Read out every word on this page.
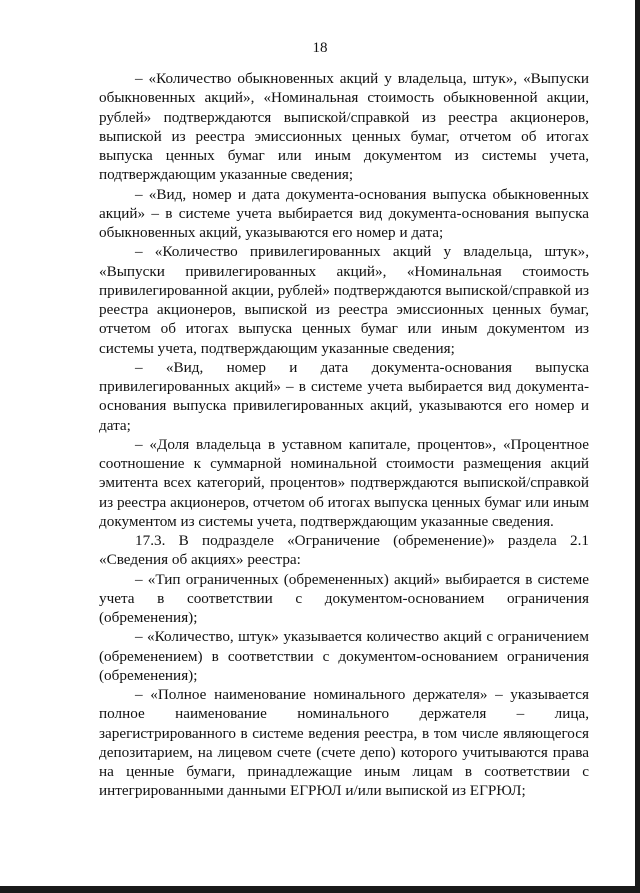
18

– «Количество обыкновенных акций у владельца, штук», «Выпуски обыкновенных акций», «Номинальная стоимость обыкновенной акции, рублей» подтверждаются выпиской/справкой из реестра акционеров, выпиской из реестра эмиссионных ценных бумаг, отчетом об итогах выпуска ценных бумаг или иным документом из системы учета, подтверждающим указанные сведения;

– «Вид, номер и дата документа-основания выпуска обыкновенных акций» – в системе учета выбирается вид документа-основания выпуска обыкновенных акций, указываются его номер и дата;

– «Количество привилегированных акций у владельца, штук», «Выпуски привилегированных акций», «Номинальная стоимость привилегированной акции, рублей» подтверждаются выпиской/справкой из реестра акционеров, выпиской из реестра эмиссионных ценных бумаг, отчетом об итогах выпуска ценных бумаг или иным документом из системы учета, подтверждающим указанные сведения;

– «Вид, номер и дата документа-основания выпуска привилегированных акций» – в системе учета выбирается вид документа-основания выпуска привилегированных акций, указываются его номер и дата;

– «Доля владельца в уставном капитале, процентов», «Процентное соотношение к суммарной номинальной стоимости размещения акций эмитента всех категорий, процентов» подтверждаются выпиской/справкой из реестра акционеров, отчетом об итогах выпуска ценных бумаг или иным документом из системы учета, подтверждающим указанные сведения.

17.3. В подразделе «Ограничение (обременение)» раздела 2.1 «Сведения об акциях» реестра:

– «Тип ограниченных (обремененных) акций» выбирается в системе учета в соответствии с документом-основанием ограничения (обременения);

– «Количество, штук» указывается количество акций с ограничением (обременением) в соответствии с документом-основанием ограничения (обременения);

– «Полное наименование номинального держателя» – указывается полное наименование номинального держателя – лица, зарегистрированного в системе ведения реестра, в том числе являющегося депозитарием, на лицевом счете (счете депо) которого учитываются права на ценные бумаги, принадлежащие иным лицам в соответствии с интегрированными данными ЕГРЮЛ и/или выпиской из ЕГРЮЛ;
